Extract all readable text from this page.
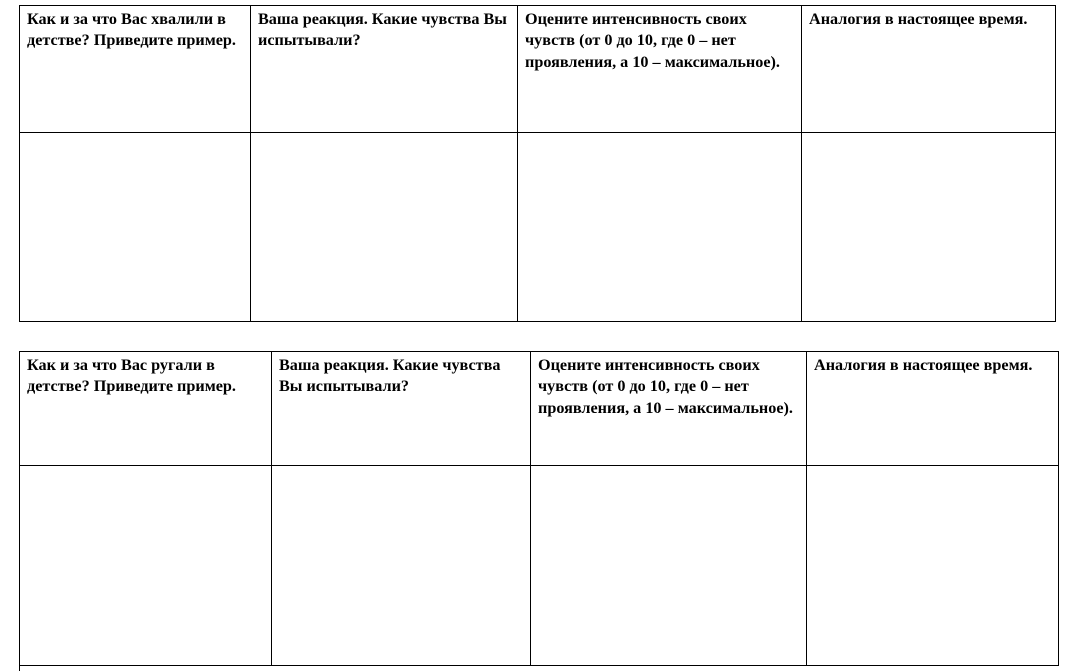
Как и за что Вас хвалили в детстве? Приведите пример.	Ваша реакция. Какие чувства Вы испытывали?	Оцените интенсивность своих чувств (от 0 до 10, где 0 – нет проявления, а 10 – максимальное).	Аналогия в настоящее время.

Как и за что Вас ругали в детстве? Приведите пример.	Ваша реакция. Какие чувства Вы испытывали?	Оцените интенсивность своих чувств (от 0 до 10, где 0 – нет проявления, а 10 – максимальное).	Аналогия в настоящее время.
